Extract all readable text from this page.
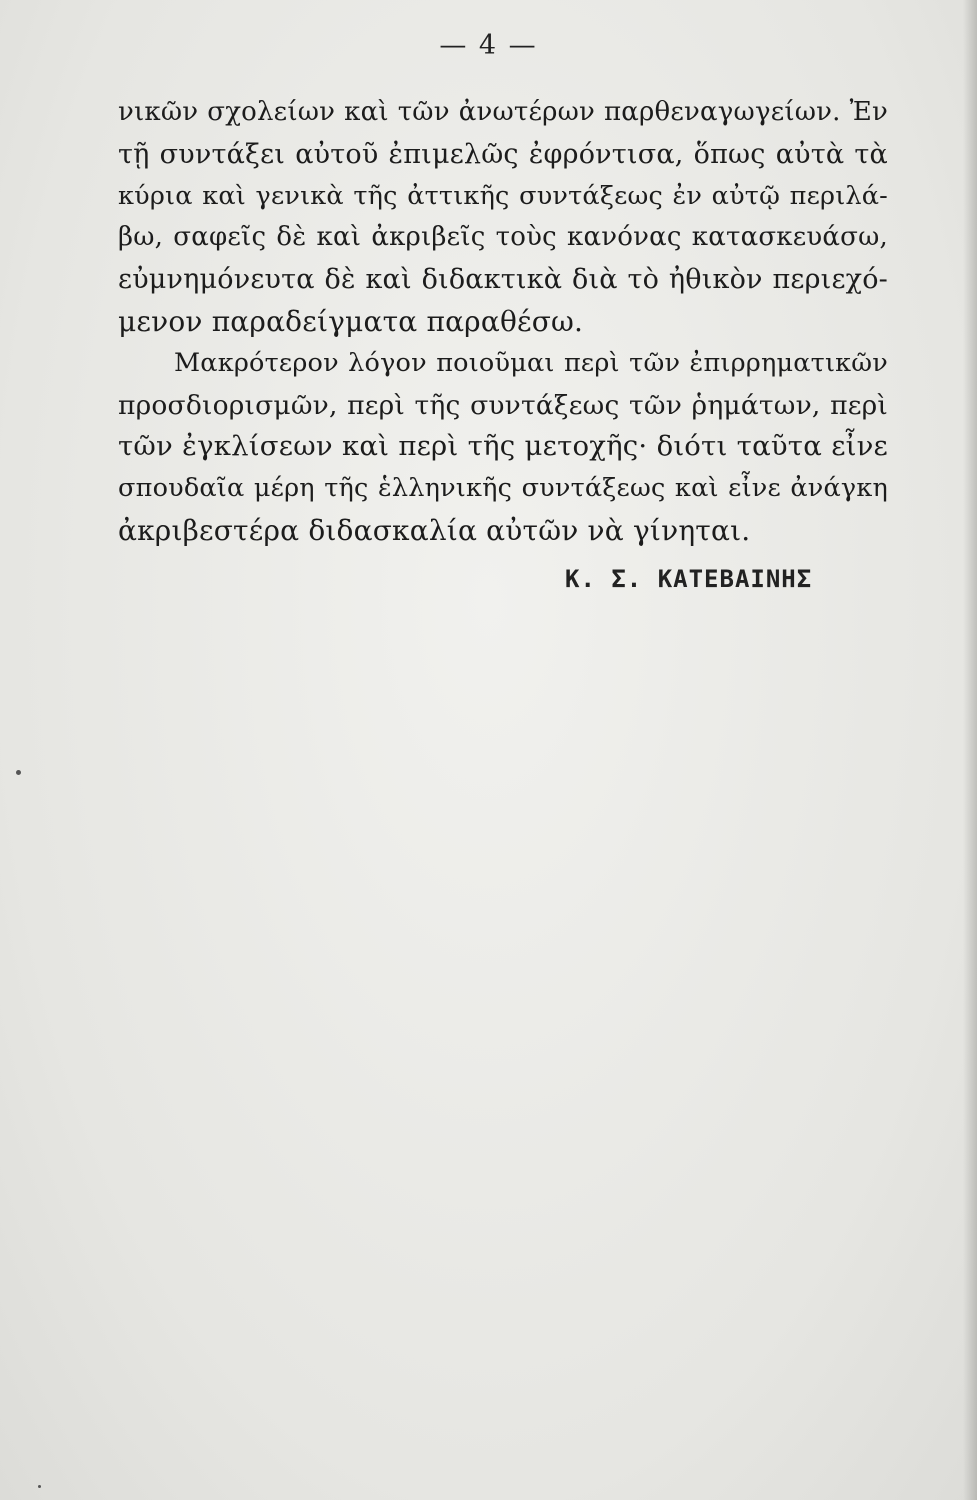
— 4 —
νικῶν σχολείων καὶ τῶν ἀνωτέρων παρθεναγωγείων. Ἐν
τῇ συντάξει αὐτοῦ ἐπιμελῶς ἐφρόντισα, ὅπως αὐτὰ τὰ
κύρια καὶ γενικὰ τῆς ἀττικῆς συντάξεως ἐν αὐτῷ περιλά-
βω, σαφεῖς δὲ καὶ ἀκριβεῖς τοὺς κανόνας κατασκευάσω,
εὐμνημόνευτα δὲ καὶ διδακτικὰ διὰ τὸ ἠθικὸν περιεχό-
μενον παραδείγματα παραθέσω.
Μακρότερον λόγον ποιοῦμαι περὶ τῶν ἐπιρρηματικῶν
προσδιορισμῶν, περὶ τῆς συντάξεως τῶν ῥημάτων, περὶ
τῶν ἐγκλίσεων καὶ περὶ τῆς μετοχῆς· διότι ταῦτα εἶνε
σπουδαῖα μέρη τῆς ἑλληνικῆς συντάξεως καὶ εἶνε ἀνάγκη
ἀκριβεστέρα διδασκαλία αὐτῶν νὰ γίνηται.
Κ. Σ. ΚΑΤΕΒΑΙΝΗΣ
